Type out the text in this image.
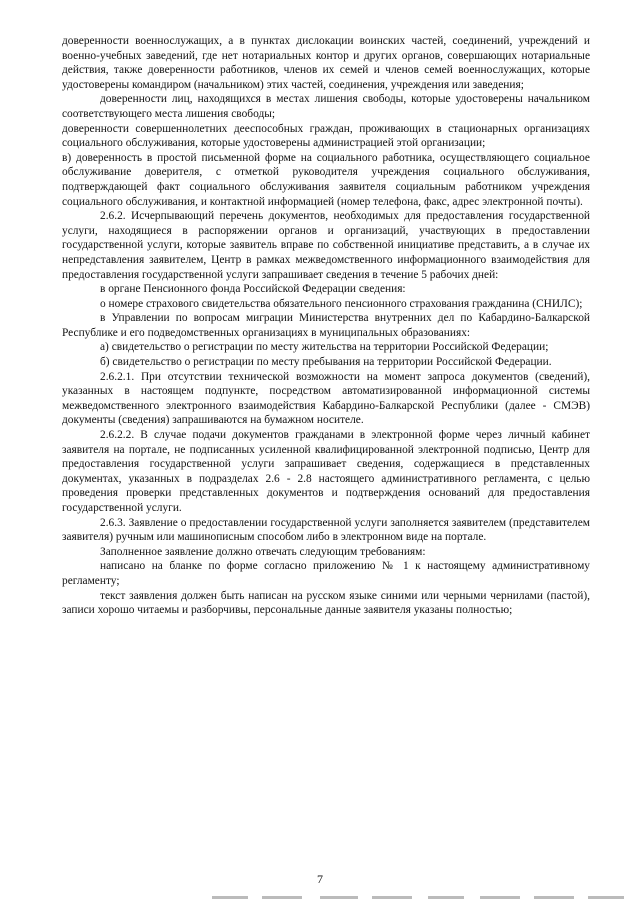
доверенности военнослужащих, а в пунктах дислокации воинских частей, соединений, учреждений и военно-учебных заведений, где нет нотариальных контор и других органов, совершающих нотариальные действия, также доверенности работников, членов их семей и членов семей военнослужащих, которые удостоверены командиром (начальником) этих частей, соединения, учреждения или заведения;

доверенности лиц, находящихся в местах лишения свободы, которые удостоверены начальником соответствующего места лишения свободы;

доверенности совершеннолетних дееспособных граждан, проживающих в стационарных организациях социального обслуживания, которые удостоверены администрацией этой организации;

в) доверенность в простой письменной форме на социального работника, осуществляющего социальное обслуживание доверителя, с отметкой руководителя учреждения социального обслуживания, подтверждающей факт социального обслуживания заявителя социальным работником учреждения социального обслуживания, и контактной информацией (номер телефона, факс, адрес электронной почты).

2.6.2. Исчерпывающий перечень документов, необходимых для предоставления государственной услуги, находящиеся в распоряжении органов и организаций, участвующих в предоставлении государственной услуги, которые заявитель вправе по собственной инициативе представить, а в случае их непредставления заявителем, Центр в рамках межведомственного информационного взаимодействия для предоставления государственной услуги запрашивает сведения в течение 5 рабочих дней:

в органе Пенсионного фонда Российской Федерации сведения:

о номере страхового свидетельства обязательного пенсионного страхования гражданина (СНИЛС);

в Управлении по вопросам миграции Министерства внутренних дел по Кабардино-Балкарской Республике и его подведомственных организациях в муниципальных образованиях:

а) свидетельство о регистрации по месту жительства на территории Российской Федерации;

б) свидетельство о регистрации по месту пребывания на территории Российской Федерации.

2.6.2.1. При отсутствии технической возможности на момент запроса документов (сведений), указанных в настоящем подпункте, посредством автоматизированной информационной системы межведомственного электронного взаимодействия Кабардино-Балкарской Республики (далее - СМЭВ) документы (сведения) запрашиваются на бумажном носителе.

2.6.2.2. В случае подачи документов гражданами в электронной форме через личный кабинет заявителя на портале, не подписанных усиленной квалифицированной электронной подписью, Центр для предоставления государственной услуги запрашивает сведения, содержащиеся в представленных документах, указанных в подразделах 2.6 - 2.8 настоящего административного регламента, с целью проведения проверки представленных документов и подтверждения оснований для предоставления государственной услуги.

2.6.3. Заявление о предоставлении государственной услуги заполняется заявителем (представителем заявителя) ручным или машинописным способом либо в электронном виде на портале.

Заполненное заявление должно отвечать следующим требованиям:

написано на бланке по форме согласно приложению № 1 к настоящему административному регламенту;

текст заявления должен быть написан на русском языке синими или черными чернилами (пастой), записи хорошо читаемы и разборчивы, персональные данные заявителя указаны полностью;

7
